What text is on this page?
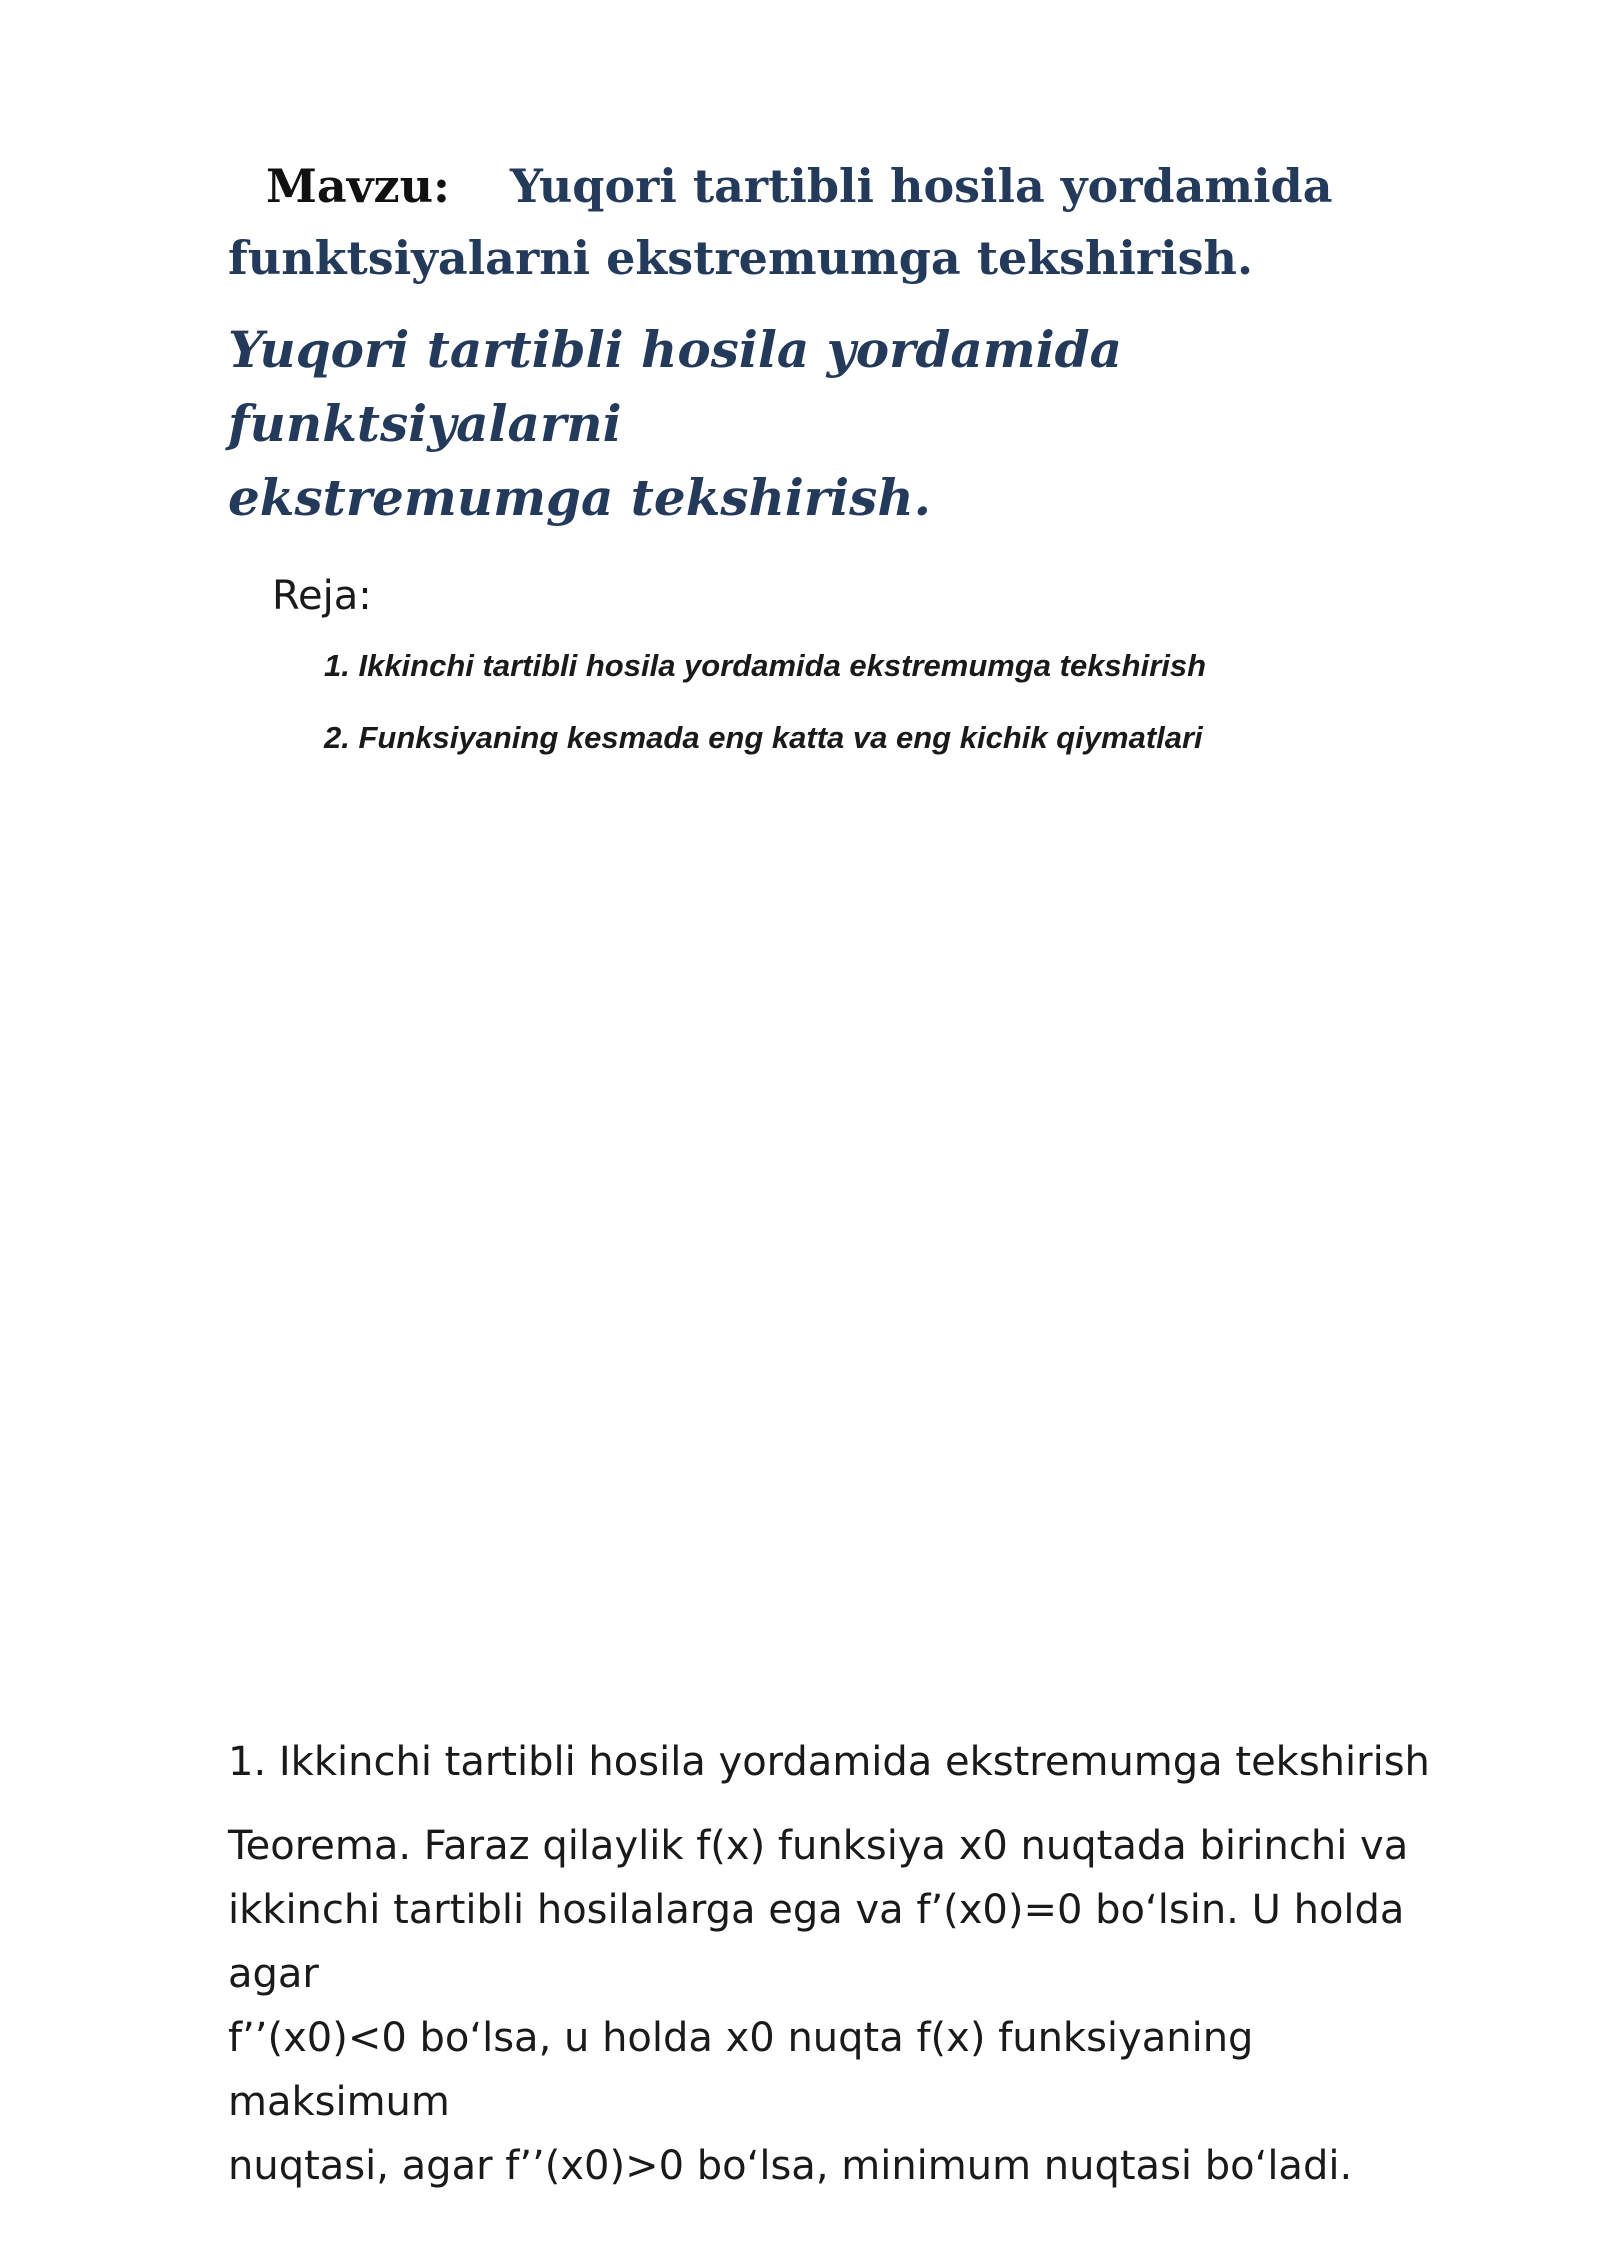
Mavzu: Yuqori tartibli hosila yordamida
funktsiyalarni ekstremumga tekshirish.
Yuqori tartibli hosila yordamida funktsiyalarni
ekstremumga tekshirish.
Reja:
1. Ikkinchi tartibli hosila yordamida ekstremumga tekshirish
2. Funksiyaning kesmada eng katta va eng kichik qiymatlari
1. Ikkinchi tartibli hosila yordamida ekstremumga tekshirish

Teorema. Faraz qilaylik f(x) funksiya x0 nuqtada birinchi va
ikkinchi tartibli hosilalarga ega va f’(x0)=0 bo‘lsin. U holda agar
f’’(x0)<0 bo‘lsa, u holda x0 nuqta f(x) funksiyaning maksimum
nuqtasi, agar f’’(x0)>0 bo‘lsa, minimum nuqtasi bo‘ladi.
